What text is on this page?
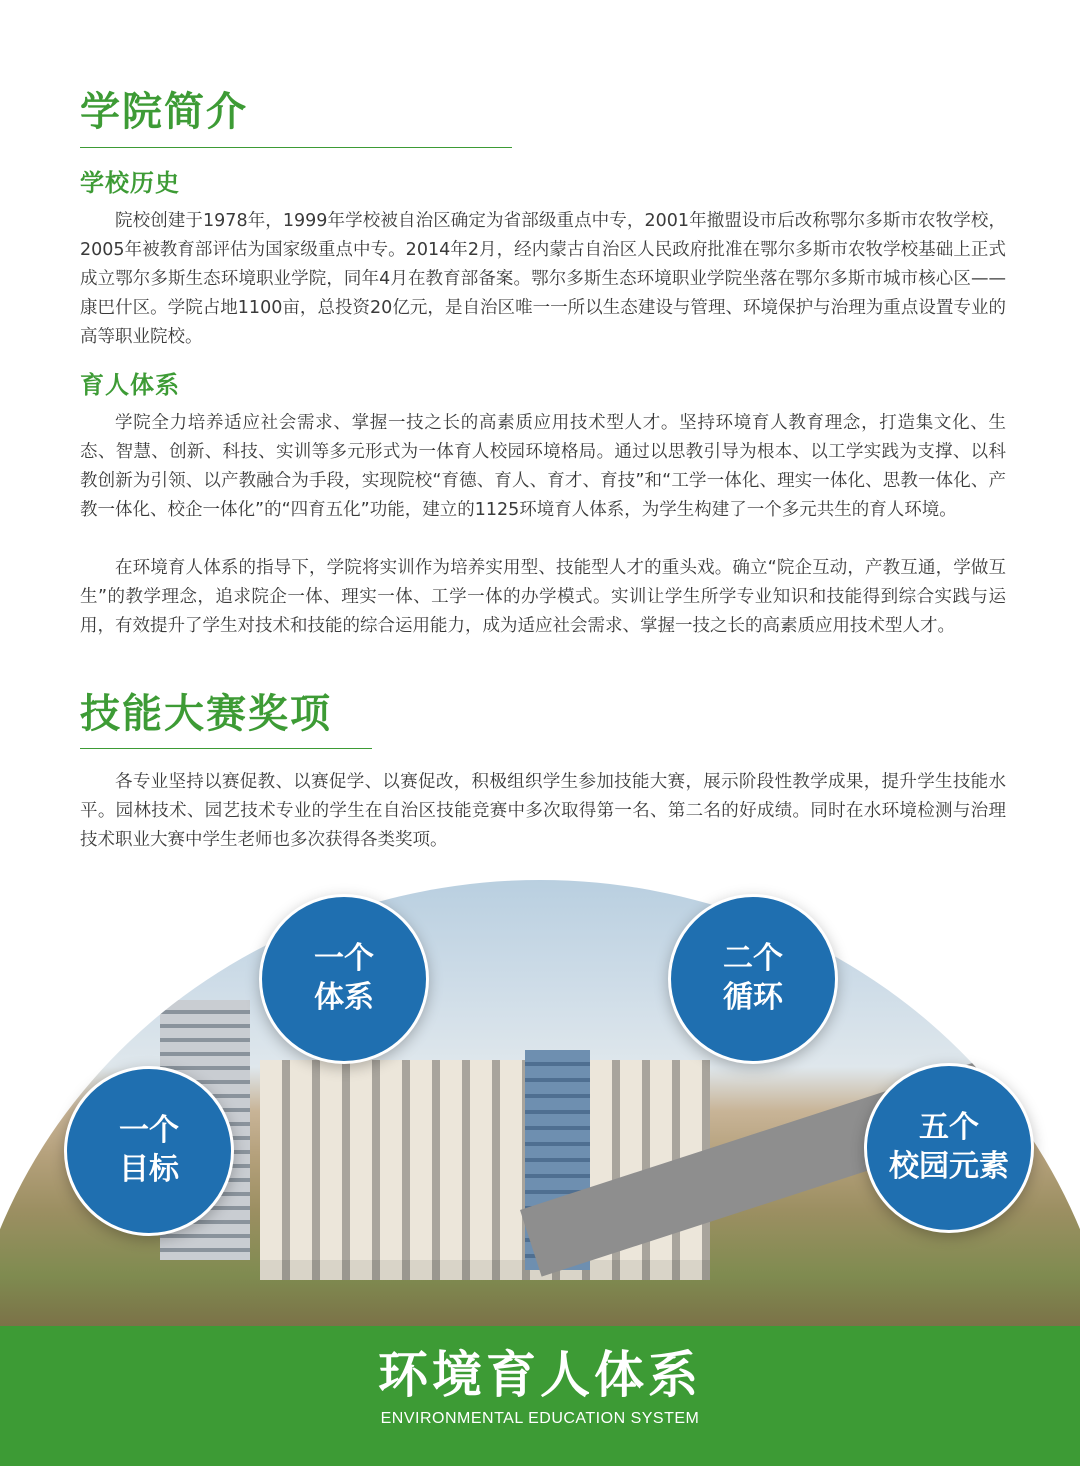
学院简介
学校历史

院校创建于1978年，1999年学校被自治区确定为省部级重点中专，2001年撤盟设市后改称鄂尔多斯市农牧学校，2005年被教育部评估为国家级重点中专。2014年2月，经内蒙古自治区人民政府批准在鄂尔多斯市农牧学校基础上正式成立鄂尔多斯生态环境职业学院，同年4月在教育部备案。鄂尔多斯生态环境职业学院坐落在鄂尔多斯市城市核心区——康巴什区。学院占地1100亩，总投资20亿元，是自治区唯一一所以生态建设与管理、环境保护与治理为重点设置专业的高等职业院校。

育人体系

学院全力培养适应社会需求、掌握一技之长的高素质应用技术型人才。坚持环境育人教育理念，打造集文化、生态、智慧、创新、科技、实训等多元形式为一体育人校园环境格局。通过以思教引导为根本、以工学实践为支撑、以科教创新为引领、以产教融合为手段，实现院校“育德、育人、育才、育技”和“工学一体化、理实一体化、思教一体化、产教一体化、校企一体化”的“四育五化”功能，建立的1125环境育人体系，为学生构建了一个多元共生的育人环境。

在环境育人体系的指导下，学院将实训作为培养实用型、技能型人才的重头戏。确立“院企互动，产教互通，学做互生”的教学理念，追求院企一体、理实一体、工学一体的办学模式。实训让学生所学专业知识和技能得到综合实践与运用，有效提升了学生对技术和技能的综合运用能力，成为适应社会需求、掌握一技之长的高素质应用技术型人才。

技能大赛奖项

各专业坚持以赛促教、以赛促学、以赛促改，积极组织学生参加技能大赛，展示阶段性教学成果，提升学生技能水平。园林技术、园艺技术专业的学生在自治区技能竞赛中多次取得第一名、第二名的好成绩。同时在水环境检测与治理技术职业大赛中学生老师也多次获得各类奖项。

一个
目标
一个
体系
二个
循环
五个
校园元素
环境育人体系
ENVIRONMENTAL EDUCATION SYSTEM
